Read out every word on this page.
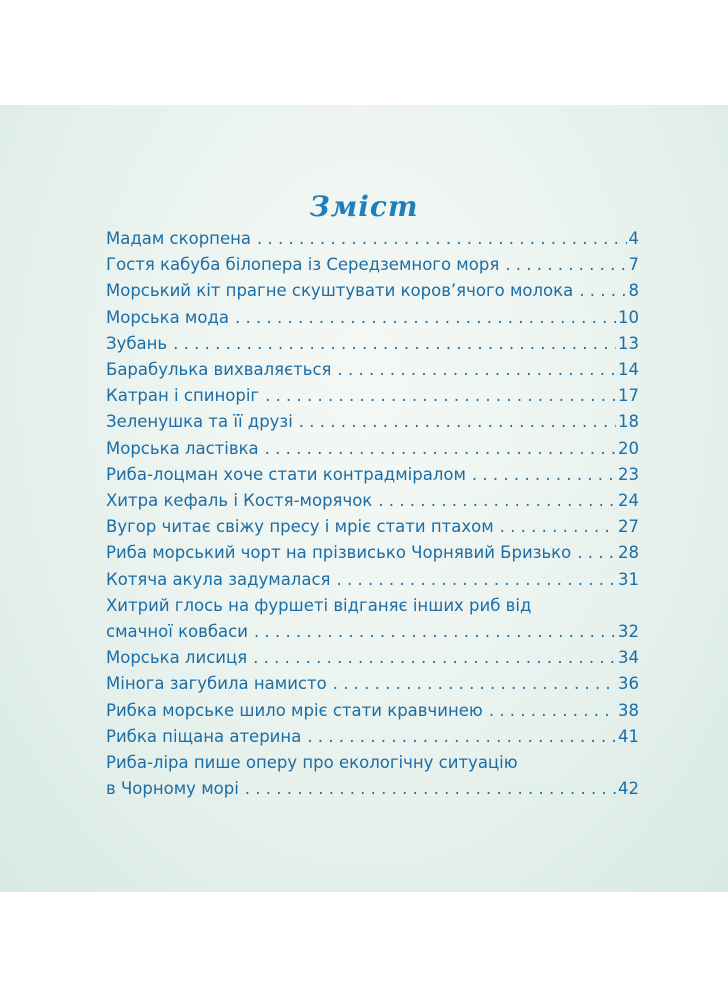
Зміст
Мадам скорпена . . .	4
Гостя кабуба білопера із Середземного моря . . .	7
Морський кіт прагне скуштувати коров’ячого молока . . .	8
Морська мода . . .	10
Зубань . . .	13
Барабулька вихваляється . . .	14
Катран і спиноріг . . .	17
Зеленушка та її друзі . . .	18
Морська ластівка . . .	20
Риба-лоцман хоче стати контрадміралом . . .	23
Хитра кефаль і Костя-морячок . . .	24
Вугор читає свіжу пресу і мріє стати птахом . . .	27
Риба морський чорт на прізвисько Чорнявий Бризько . . .	28
Котяча акула задумалася . . .	31
Хитрий глось на фуршеті відганяє інших риб від
смачної ковбаси . . .	32
Морська лисиця . . .	34
Мінога загубила намисто . . .	36
Рибка морське шило мріє стати кравчинею . . .	38
Рибка піщана атерина . . .	41
Риба-ліра пише оперу про екологічну ситуацію
в Чорному морі . . .	42
